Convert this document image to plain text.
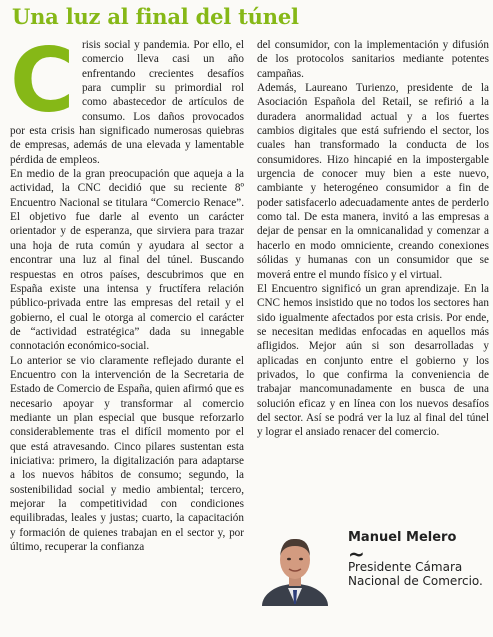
Una luz al final del túnel
C risis social y pandemia. Por ello, el comercio lleva casi un año enfrentando crecientes desafíos para cumplir su primordial rol como abastecedor de artículos de consumo. Los daños provocados por esta crisis han significado numerosas quiebras de empresas, además de una elevada y lamentable pérdida de empleos.

En medio de la gran preocupación que aqueja a la actividad, la CNC decidió que su reciente 8º Encuentro Nacional se titulara “Comercio Renace”. El objetivo fue darle al evento un carácter orientador y de esperanza, que sirviera para trazar una hoja de ruta común y ayudara al sector a encontrar una luz al final del túnel. Buscando respuestas en otros países, descubrimos que en España existe una intensa y fructífera relación público-privada entre las empresas del retail y el gobierno, el cual le otorga al comercio el carácter de “actividad estratégica” dada su innegable connotación económico-social.

Lo anterior se vio claramente reflejado durante el Encuentro con la intervención de la Secretaria de Estado de Comercio de España, quien afirmó que es necesario apoyar y transformar al comercio mediante un plan especial que busque reforzarlo considerablemente tras el difícil momento por el que está atravesando. Cinco pilares sustentan esta iniciativa: primero, la digitalización para adaptarse a los nuevos hábitos de consumo; segundo, la sostenibilidad social y medio ambiental; tercero, mejorar la competitividad con condiciones equilibradas, leales y justas; cuarto, la capacitación y formación de quienes trabajan en el sector y, por último, recuperar la confianza

del consumidor, con la implementación y difusión de los protocolos sanitarios mediante potentes campañas.

Además, Laureano Turienzo, presidente de la Asociación Española del Retail, se refirió a la duradera anormalidad actual y a los fuertes cambios digitales que está sufriendo el sector, los cuales han transformado la conducta de los consumidores. Hizo hincapié en la impostergable urgencia de conocer muy bien a este nuevo, cambiante y heterogéneo consumidor a fin de poder satisfacerlo adecuadamente antes de perderlo como tal. De esta manera, invitó a las empresas a dejar de pensar en la omnicanalidad y comenzar a hacerlo en modo omniciente, creando conexiones sólidas y humanas con un consumidor que se moverá entre el mundo físico y el virtual.

El Encuentro significó un gran aprendizaje. En la CNC hemos insistido que no todos los sectores han sido igualmente afectados por esta crisis. Por ende, se necesitan medidas enfocadas en aquellos más afligidos. Mejor aún si son desarrolladas y aplicadas en conjunto entre el gobierno y los privados, lo que confirma la conveniencia de trabajar mancomunadamente en busca de una solución eficaz y en línea con los nuevos desafíos del sector. Así se podrá ver la luz al final del túnel y lograr el ansiado renacer del comercio.

Manuel Melero
~
Presidente Cámara Nacional de Comercio.
